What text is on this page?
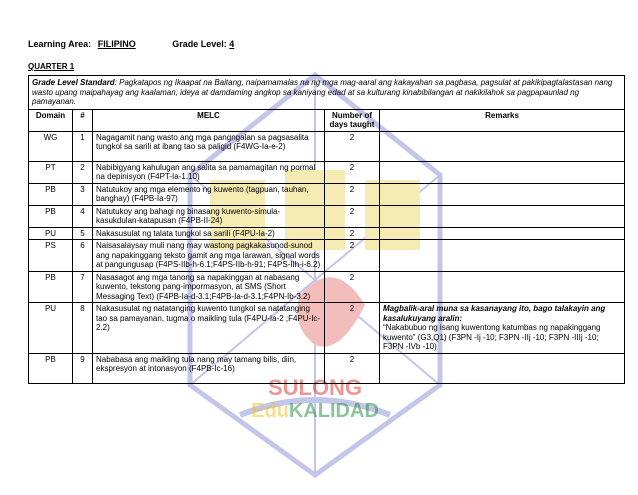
SULONG
EduKALIDAD
Learning Area: FILIPINO	Grade Level: 4
QUARTER 1
Grade Level Standard: Pagkatapos ng Ikaapat na Baitang, naipamamalas na ng mga mag-aaral ang kakayahan sa pagbasa, pagsulat at pakikipagtalastasan nang wasto upang maipahayag ang kaalaman, ideya at damdaming angkop sa kaniyang edad at sa kulturang kinabibilangan at nakikilahok sa pagpapaunlad ng pamayanan.				
Domain	#	MELC	Number of days taught	Remarks
WG	1	Nagagamit nang wasto ang mga pangngalan sa pagsasalita tungkol sa sarili at ibang tao sa paligid (F4WG-Ia-e-2)	2	
PT	2	Nabibigyang kahulugan ang salita sa pamamagitan ng pormal na depinisyon (F4PT-Ia-1.10)	2	
PB	3	Natutukoy ang mga elemento ng kuwento (tagpuan, tauhan, banghay) (F4PB-Ia-97)	2	
PB	4	Natutukoy ang bahagi ng binasang kuwento-simula-kasukdulan-katapusan (F4PB-II-24)	2	
PU	5	Nakasusulat ng talata tungkol sa sarili (F4PU-Ia-2)	2	
PS	6	Naisasalaysay muli nang may wastong pagkakasunod-sunod ang napakinggang teksto gamit ang mga larawan, signal words at pangungusap (F4PS-IIb-h-6.1;F4PS-IIb-h-91; F4PS-IIh-i-6.2)	2	
PB	7	Nasasagot ang mga tanong sa napakinggan at nabasang kuwento, tekstong pang-impormasyon, at SMS (Short Messaging Text) (F4PB-Ia-d-3.1;F4PB-Ia-d-3.1;F4PN-Ib-3.2)	2	
PU	8	Nakasusulat ng natatanging kuwento tungkol sa natatanging tao sa pamayanan, tugma o maikling tula (F4PU-Ia-2 ;F4PU-Ic-2.2)	2	Magbalik-aral muna sa kasanayang ito, bago talakayin ang kasalukuyang aralin:
“Nakabubuo ng isang kuwentong katumbas ng napakinggang kuwento” (G3,Q1) (F3PN -Ij -10; F3PN -IIj -10; F3PN -IIIj -10; F3PN -IVb -10)

PB	9	Nababasa ang maikling tula nang may tamang bilis, diin, ekspresyon at intonasyon (F4PB-Ic-16)	2	
